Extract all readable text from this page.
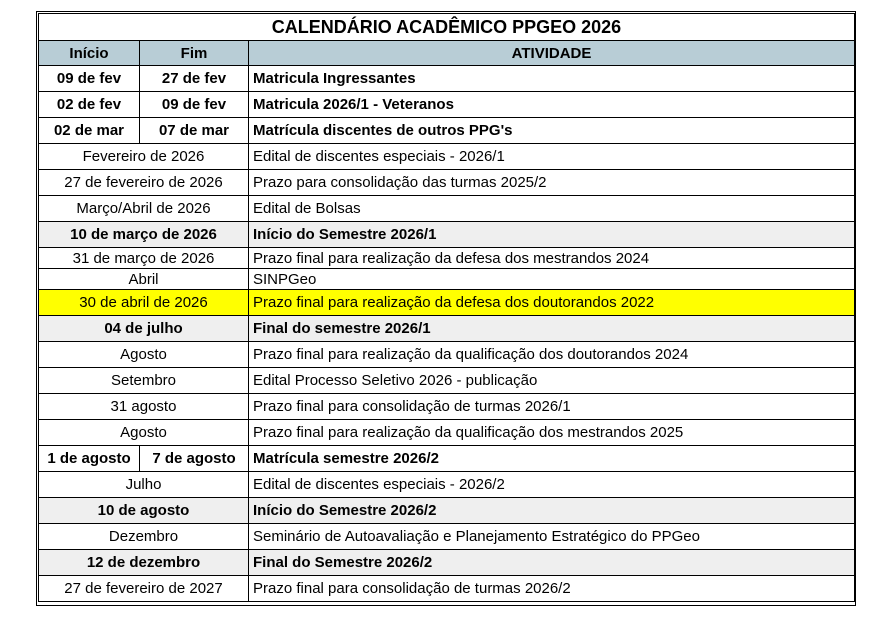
CALENDÁRIO ACADÊMICO PPGEO 2026		
Início	Fim	ATIVIDADE
09 de fev	27 de fev	Matricula Ingressantes
02 de fev	09 de fev	Matricula 2026/1 - Veteranos
02 de mar	07 de mar	Matrícula discentes de outros PPG's
Fevereiro de 2026		Edital de discentes especiais - 2026/1
27 de fevereiro de 2026		Prazo para consolidação das turmas 2025/2
Março/Abril de 2026		Edital de Bolsas
10 de março de 2026		Início do Semestre 2026/1
31 de março de 2026		Prazo final para realização da defesa dos mestrandos 2024
Abril		SINPGeo
30 de abril de 2026		Prazo final para realização da defesa dos doutorandos 2022
04 de julho		Final do semestre 2026/1
Agosto		Prazo final para realização da qualificação dos doutorandos 2024
Setembro		Edital Processo Seletivo 2026 - publicação
31 agosto		Prazo final para consolidação de turmas 2026/1
Agosto		Prazo final para realização da qualificação dos mestrandos 2025
1 de agosto	7 de agosto	Matrícula semestre 2026/2
Julho		Edital de discentes especiais - 2026/2
10 de agosto		Início do Semestre 2026/2
Dezembro		Seminário de Autoavaliação e Planejamento Estratégico do PPGeo
12 de dezembro		Final do Semestre 2026/2
27 de fevereiro de 2027		Prazo final para consolidação de turmas 2026/2
